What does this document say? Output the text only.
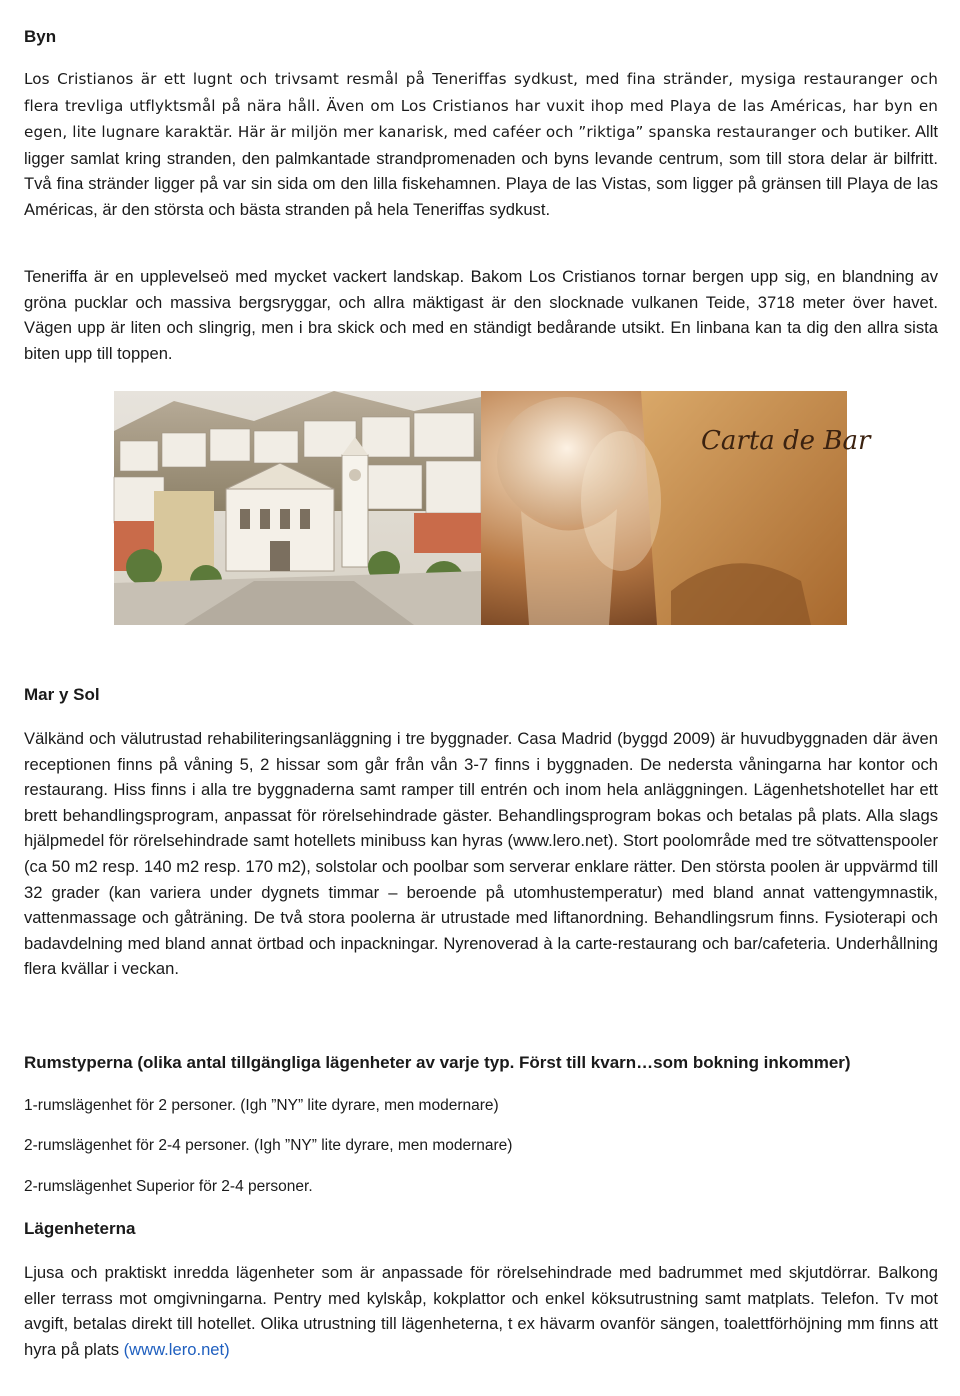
Byn

Los Cristianos är ett lugnt och trivsamt resmål på Teneriffas sydkust, med fina stränder, mysiga restauranger och flera trevliga utflyktsmål på nära håll. Även om Los Cristianos har vuxit ihop med Playa de las Américas, har byn en egen, lite lugnare karaktär. Här är miljön mer kanarisk, med caféer och ”riktiga” spanska restauranger och butiker. Allt ligger samlat kring stranden, den palmkantade strandpromenaden och byns levande centrum, som till stora delar är bilfritt. Två fina stränder ligger på var sin sida om den lilla fiskehamnen. Playa de las Vistas, som ligger på gränsen till Playa de las Américas, är den största och bästa stranden på hela Teneriffas sydkust.

Teneriffa är en upplevelseö med mycket vackert landskap. Bakom Los Cristianos tornar bergen upp sig, en blandning av gröna pucklar och massiva bergsryggar, och allra mäktigast är den slocknade vulkanen Teide, 3718 meter över havet. Vägen upp är liten och slingrig, men i bra skick och med en ständigt bedårande utsikt. En linbana kan ta dig den allra sista biten upp till toppen.

Carta de Bar
Mar y Sol

Välkänd och välutrustad rehabiliteringsanläggning i tre byggnader. Casa Madrid (byggd 2009) är huvudbyggnaden där även receptionen finns på våning 5, 2 hissar som går från vån 3-7 finns i byggnaden. De nedersta våningarna har kontor och restaurang. Hiss finns i alla tre byggnaderna samt ramper till entrén och inom hela anläggningen. Lägenhetshotellet har ett brett behandlingsprogram, anpassat för rörelsehindrade gäster. Behandlingsprogram bokas och betalas på plats. Alla slags hjälpmedel för rörelsehindrade samt hotellets minibuss kan hyras (www.lero.net). Stort poolområde med tre sötvattenspooler (ca 50 m2 resp. 140 m2 resp. 170 m2), solstolar och poolbar som serverar enklare rätter. Den största poolen är uppvärmd till 32 grader (kan variera under dygnets timmar – beroende på utomhustemperatur) med bland annat vattengymnastik, vattenmassage och gåträning. De två stora poolerna är utrustade med liftanordning. Behandlingsrum finns. Fysioterapi och badavdelning med bland annat örtbad och inpackningar. Nyrenoverad à la carte-restaurang och bar/cafeteria. Underhållning flera kvällar i veckan.

Rumstyperna (olika antal tillgängliga lägenheter av varje typ. Först till kvarn…som bokning inkommer)

1-rumslägenhet för 2 personer. (Igh ”NY” lite dyrare, men modernare)

2-rumslägenhet för 2-4 personer. (Igh ”NY” lite dyrare, men modernare)

2-rumslägenhet Superior för 2-4 personer.

Lägenheterna

Ljusa och praktiskt inredda lägenheter som är anpassade för rörelsehindrade med badrummet med skjutdörrar. Balkong eller terrass mot omgivningarna. Pentry med kylskåp, kokplattor och enkel köksutrustning samt matplats. Telefon. Tv mot avgift, betalas direkt till hotellet. Olika utrustning till lägenheterna, t ex hävarm ovanför sängen, toalettförhöjning mm finns att hyra på plats (www.lero.net)
